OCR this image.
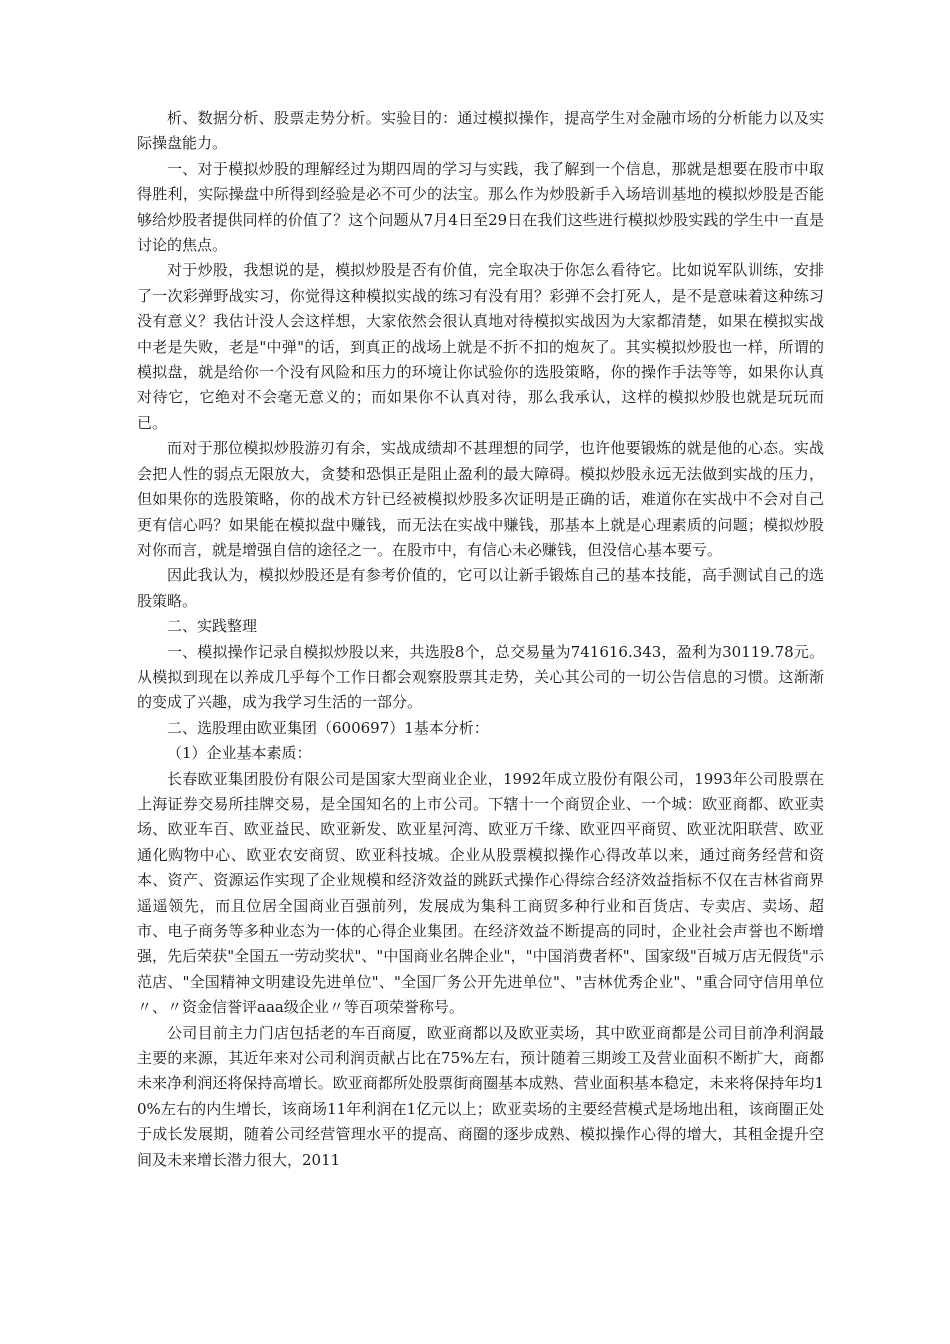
析、数据分析、股票走势分析。实验目的：通过模拟操作，提高学生对金融市场的分析能力以及实际操盘能力。

一、对于模拟炒股的理解经过为期四周的学习与实践，我了解到一个信息，那就是想要在股市中取得胜利，实际操盘中所得到经验是必不可少的法宝。那么作为炒股新手入场培训基地的模拟炒股是否能够给炒股者提供同样的价值了？这个问题从7月4日至29日在我们这些进行模拟炒股实践的学生中一直是讨论的焦点。

对于炒股，我想说的是，模拟炒股是否有价值，完全取决于你怎么看待它。比如说军队训练，安排了一次彩弹野战实习，你觉得这种模拟实战的练习有没有用？彩弹不会打死人，是不是意味着这种练习没有意义？我估计没人会这样想，大家依然会很认真地对待模拟实战因为大家都清楚，如果在模拟实战中老是失败，老是"中弹"的话，到真正的战场上就是不折不扣的炮灰了。其实模拟炒股也一样，所谓的模拟盘，就是给你一个没有风险和压力的环境让你试验你的选股策略，你的操作手法等等，如果你认真对待它，它绝对不会毫无意义的；而如果你不认真对待，那么我承认，这样的模拟炒股也就是玩玩而已。

而对于那位模拟炒股游刃有余，实战成绩却不甚理想的同学，也许他要锻炼的就是他的心态。实战会把人性的弱点无限放大，贪婪和恐惧正是阻止盈利的最大障碍。模拟炒股永远无法做到实战的压力，但如果你的选股策略，你的战术方针已经被模拟炒股多次证明是正确的话，难道你在实战中不会对自己更有信心吗？如果能在模拟盘中赚钱，而无法在实战中赚钱，那基本上就是心理素质的问题；模拟炒股对你而言，就是增强自信的途径之一。在股市中，有信心未必赚钱，但没信心基本要亏。

因此我认为，模拟炒股还是有参考价值的，它可以让新手锻炼自己的基本技能，高手测试自己的选股策略。

二、实践整理

一、模拟操作记录自模拟炒股以来，共选股8个，总交易量为741616.343，盈利为30119.78元。从模拟到现在以养成几乎每个工作日都会观察股票其走势，关心其公司的一切公告信息的习惯。这渐渐的变成了兴趣，成为我学习生活的一部分。

二、选股理由欧亚集团（600697）1基本分析：

（1）企业基本素质：

长春欧亚集团股份有限公司是国家大型商业企业，1992年成立股份有限公司，1993年公司股票在上海证券交易所挂牌交易，是全国知名的上市公司。下辖十一个商贸企业、一个城：欧亚商都、欧亚卖场、欧亚车百、欧亚益民、欧亚新发、欧亚星河湾、欧亚万千缘、欧亚四平商贸、欧亚沈阳联营、欧亚通化购物中心、欧亚农安商贸、欧亚科技城。企业从股票模拟操作心得改革以来，通过商务经营和资本、资产、资源运作实现了企业规模和经济效益的跳跃式操作心得综合经济效益指标不仅在吉林省商界遥遥领先，而且位居全国商业百强前列，发展成为集科工商贸多种行业和百货店、专卖店、卖场、超市、电子商务等多种业态为一体的心得企业集团。在经济效益不断提高的同时，企业社会声誉也不断增强，先后荣获"全国五一劳动奖状"、"中国商业名牌企业"，"中国消费者杯"、国家级"百城万店无假货"示范店、"全国精神文明建设先进单位"、"全国厂务公开先进单位"、"吉林优秀企业"、"重合同守信用单位〃、〃资金信誉评aaa级企业〃等百项荣誉称号。

公司目前主力门店包括老的车百商厦，欧亚商都以及欧亚卖场，其中欧亚商都是公司目前净利润最主要的来源，其近年来对公司利润贡献占比在75%左右，预计随着三期竣工及营业面积不断扩大，商都未来净利润还将保持高增长。欧亚商都所处股票街商圈基本成熟、营业面积基本稳定，未来将保持年均10%左右的内生增长，该商场11年利润在1亿元以上；欧亚卖场的主要经营模式是场地出租，该商圈正处于成长发展期，随着公司经营管理水平的提高、商圈的逐步成熟、模拟操作心得的增大，其租金提升空间及未来增长潜力很大，2011
